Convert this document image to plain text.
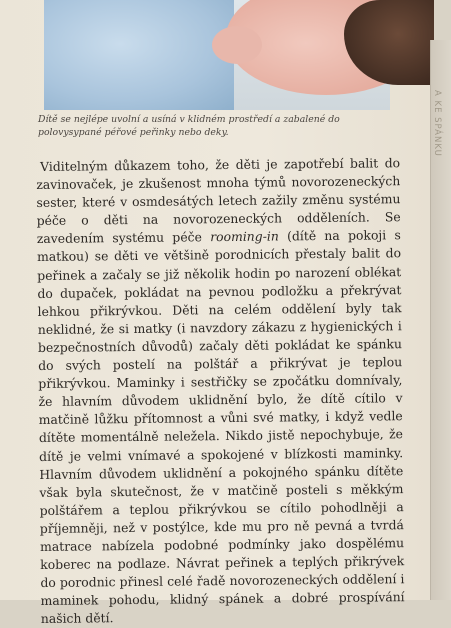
Dítě se nejlépe uvolní a usíná v klidném prostředí a zabalené do polovysypané péřové peřinky nebo deky.

Viditelným důkazem toho, že děti je zapotřebí balit do zavinovaček, je zkušenost mnoha týmů novorozeneckých sester, které v osmdesátých letech zažily změnu systému péče o děti na novorozeneckých odděleních. Se zavedením systému péče rooming-in (dítě na pokoji s matkou) se děti ve většině porodnicích přestaly balit do peřinek a začaly se již několik hodin po narození oblékat do dupaček, pokládat na pevnou podložku a překrývat lehkou přikrývkou. Děti na celém oddělení byly tak neklidné, že si matky (i navzdory zákazu z hygienických i bezpečnostních důvodů) začaly děti pokládat ke spánku do svých postelí na polštář a přikrývat je teplou přikrývkou. Maminky i sestřičky se zpočátku domnívaly, že hlavním důvodem uklidnění bylo, že dítě cítilo v matčině lůžku přítomnost a vůni své matky, i když vedle dítěte momentálně neležela. Nikdo jistě nepochybuje, že dítě je velmi vnímavé a spokojené v blízkosti maminky. Hlavním důvodem uklidnění a pokojného spánku dítěte však byla skutečnost, že v matčině posteli s měkkým polštářem a teplou přikrývkou se cítilo pohodlněji a příjemněji, než v postýlce, kde mu pro ně pevná a tvrdá matrace nabízela podobné podmínky jako dospělému koberec na podlaze. Návrat peřinek a teplých přikrývek do porodnic přinesl celé řadě novorozeneckých oddělení i maminek pohodu, klidný spánek a dobré prospívání našich dětí.

A KE SPÁNKU
